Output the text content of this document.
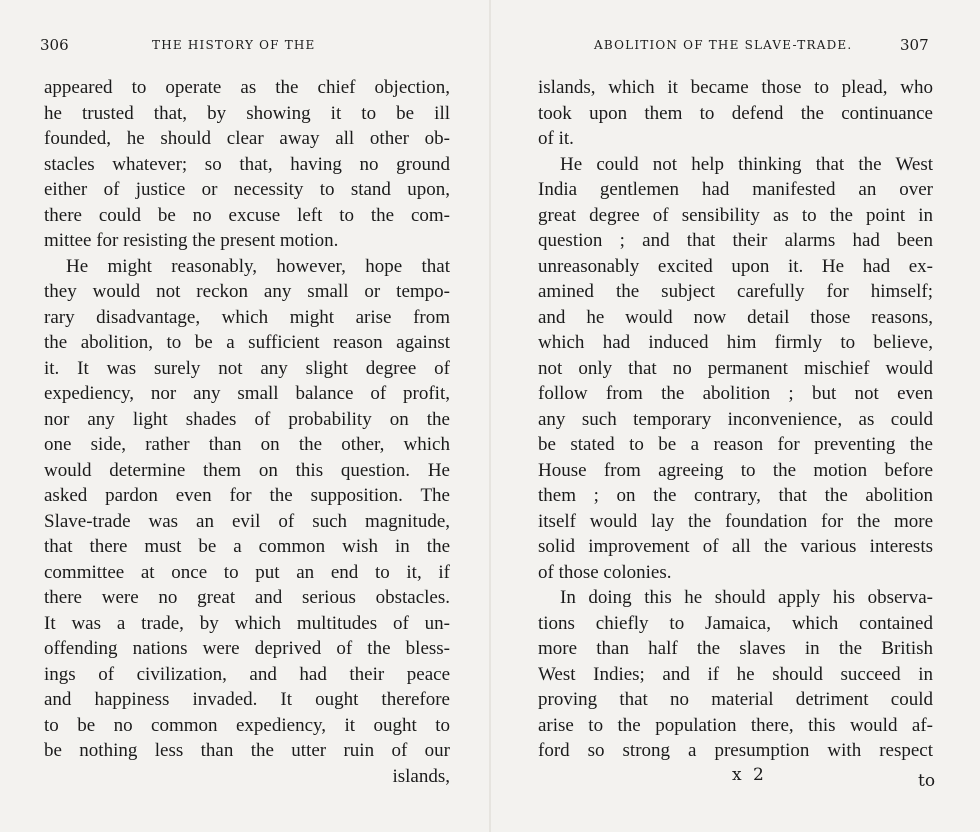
306	THE HISTORY OF THE
appeared to operate as the chief objection,
he trusted that, by showing it to be ill
founded, he should clear away all other ob-
stacles whatever; so that, having no ground
either of justice or necessity to stand upon,
there could be no excuse left to the com-
mittee for resisting the present motion.
He might reasonably, however, hope that
they would not reckon any small or tempo-
rary disadvantage, which might arise from
the abolition, to be a sufficient reason against
it. It was surely not any slight degree of
expediency, nor any small balance of profit,
nor any light shades of probability on the
one side, rather than on the other, which
would determine them on this question. He
asked pardon even for the supposition. The
Slave-trade was an evil of such magnitude,
that there must be a common wish in the
committee at once to put an end to it, if
there were no great and serious obstacles.
It was a trade, by which multitudes of un-
offending nations were deprived of the bless-
ings of civilization, and had their peace
and happiness invaded. It ought therefore
to be no common expediency, it ought to
be nothing less than the utter ruin of our
islands,
ABOLITION OF THE SLAVE-TRADE.	307
islands, which it became those to plead, who
took upon them to defend the continuance
of it.
He could not help thinking that the West
India gentlemen had manifested an over
great degree of sensibility as to the point in
question ; and that their alarms had been
unreasonably excited upon it. He had ex-
amined the subject carefully for himself;
and he would now detail those reasons,
which had induced him firmly to believe,
not only that no permanent mischief would
follow from the abolition ; but not even
any such temporary inconvenience, as could
be stated to be a reason for preventing the
House from agreeing to the motion before
them ; on the contrary, that the abolition
itself would lay the foundation for the more
solid improvement of all the various interests
of those colonies.
In doing this he should apply his observa-
tions chiefly to Jamaica, which contained
more than half the slaves in the British
West Indies; and if he should succeed in
proving that no material detriment could
arise to the population there, this would af-
ford so strong a presumption with respect
x 2	to
